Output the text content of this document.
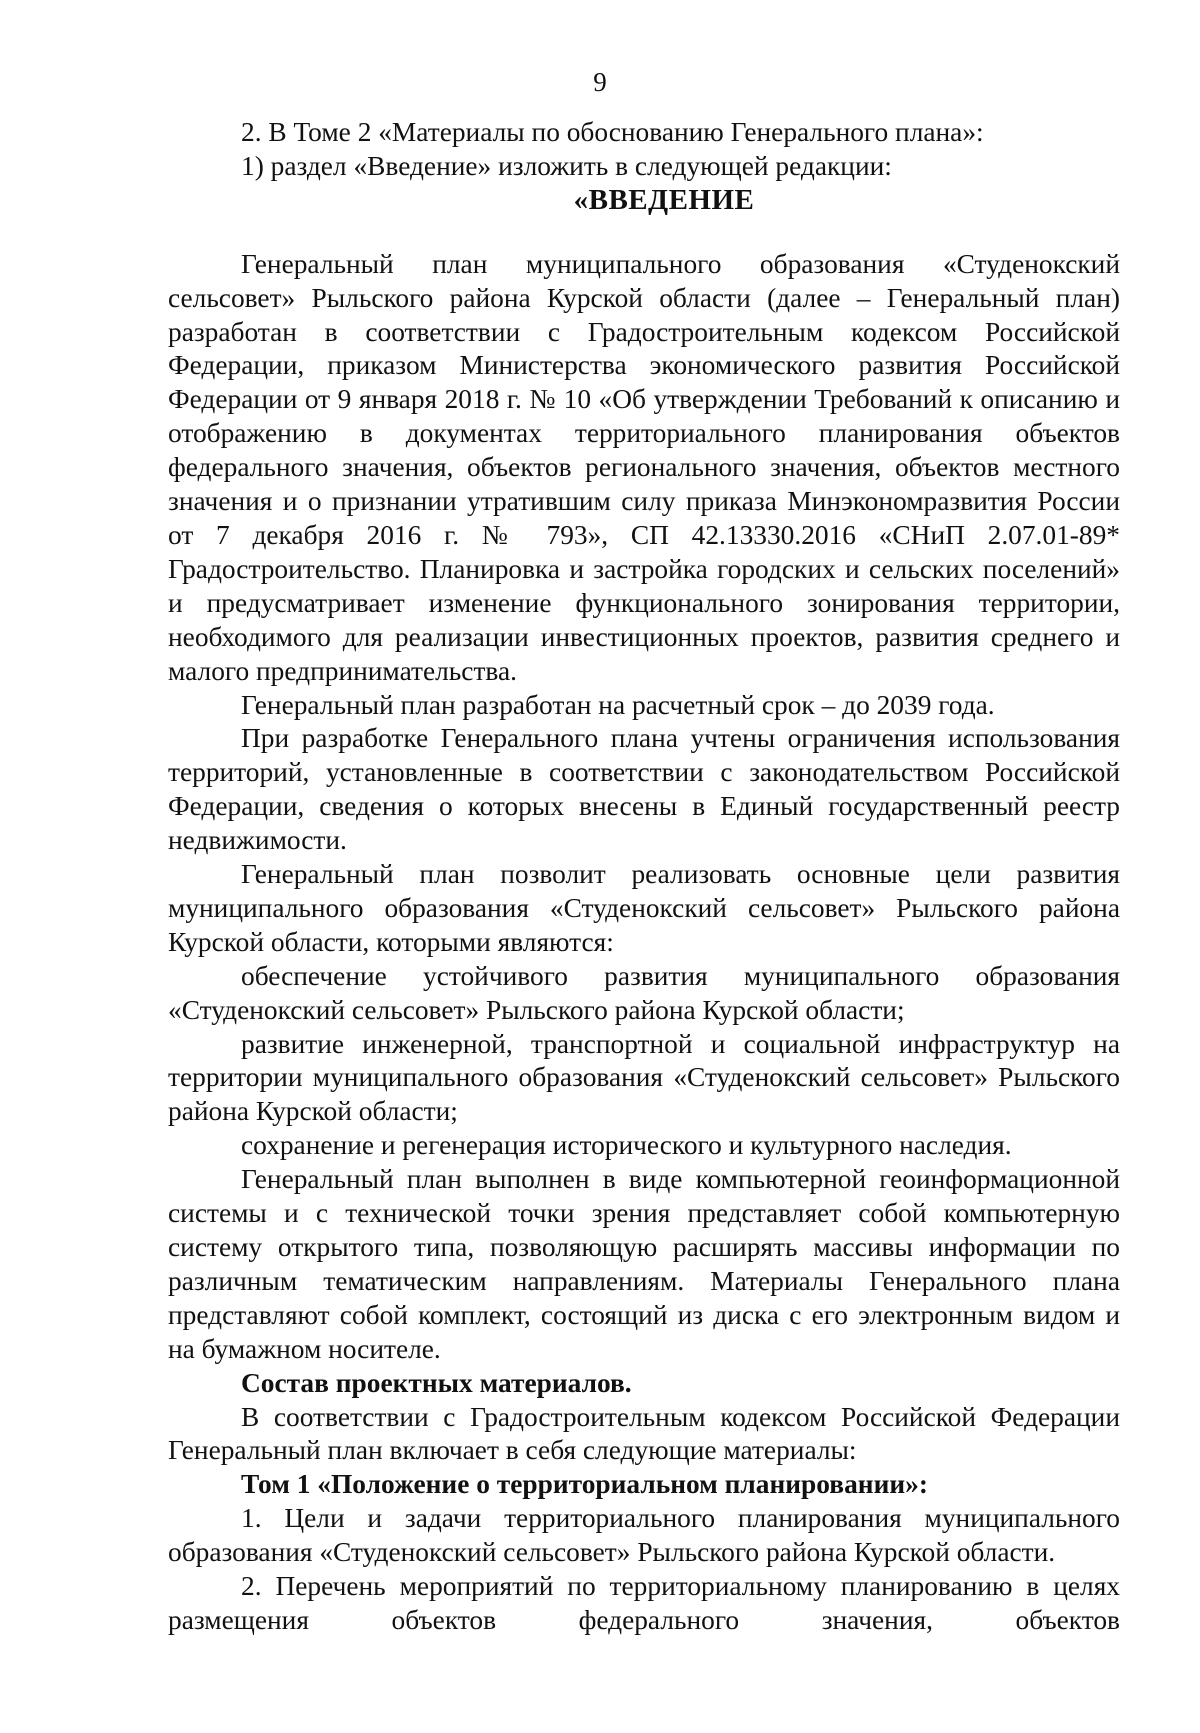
9

2. В Томе 2 «Материалы по обоснованию Генерального плана»:

1) раздел «Введение» изложить в следующей редакции:

«ВВЕДЕНИЕ

Генеральный план муниципального образования «Студенокский сельсовет» Рыльского района Курской области (далее – Генеральный план) разработан в соответствии с Градостроительным кодексом Российской Федерации, приказом Министерства экономического развития Российской Федерации от 9 января 2018 г. № 10 «Об утверждении Требований к описанию и отображению в документах территориального планирования объектов федерального значения, объектов регионального значения, объектов местного значения и о признании утратившим силу приказа Минэкономразвития России от 7 декабря 2016 г. № 793», СП 42.13330.2016 «СНиП 2.07.01-89* Градостроительство. Планировка и застройка городских и сельских поселений» и предусматривает изменение функционального зонирования территории, необходимого для реализации инвестиционных проектов, развития среднего и малого предпринимательства.

Генеральный план разработан на расчетный срок – до 2039 года.

При разработке Генерального плана учтены ограничения использования территорий, установленные в соответствии с законодательством Российской Федерации, сведения о которых внесены в Единый государственный реестр недвижимости.

Генеральный план позволит реализовать основные цели развития муниципального образования «Студенокский сельсовет» Рыльского района Курской области, которыми являются:

обеспечение устойчивого развития муниципального образования «Студенокский сельсовет» Рыльского района Курской области;

развитие инженерной, транспортной и социальной инфраструктур на территории муниципального образования «Студенокский сельсовет» Рыльского района Курской области;

сохранение и регенерация исторического и культурного наследия.

Генеральный план выполнен в виде компьютерной геоинформационной системы и с технической точки зрения представляет собой компьютерную систему открытого типа, позволяющую расширять массивы информации по различным тематическим направлениям. Материалы Генерального плана представляют собой комплект, состоящий из диска с его электронным видом и на бумажном носителе.

Состав проектных материалов.

В соответствии с Градостроительным кодексом Российской Федерации Генеральный план включает в себя следующие материалы:

Том 1 «Положение о территориальном планировании»:

1. Цели и задачи территориального планирования муниципального образования «Студенокский сельсовет» Рыльского района Курской области.

2. Перечень мероприятий по территориальному планированию в целях размещения объектов федерального значения, объектов
